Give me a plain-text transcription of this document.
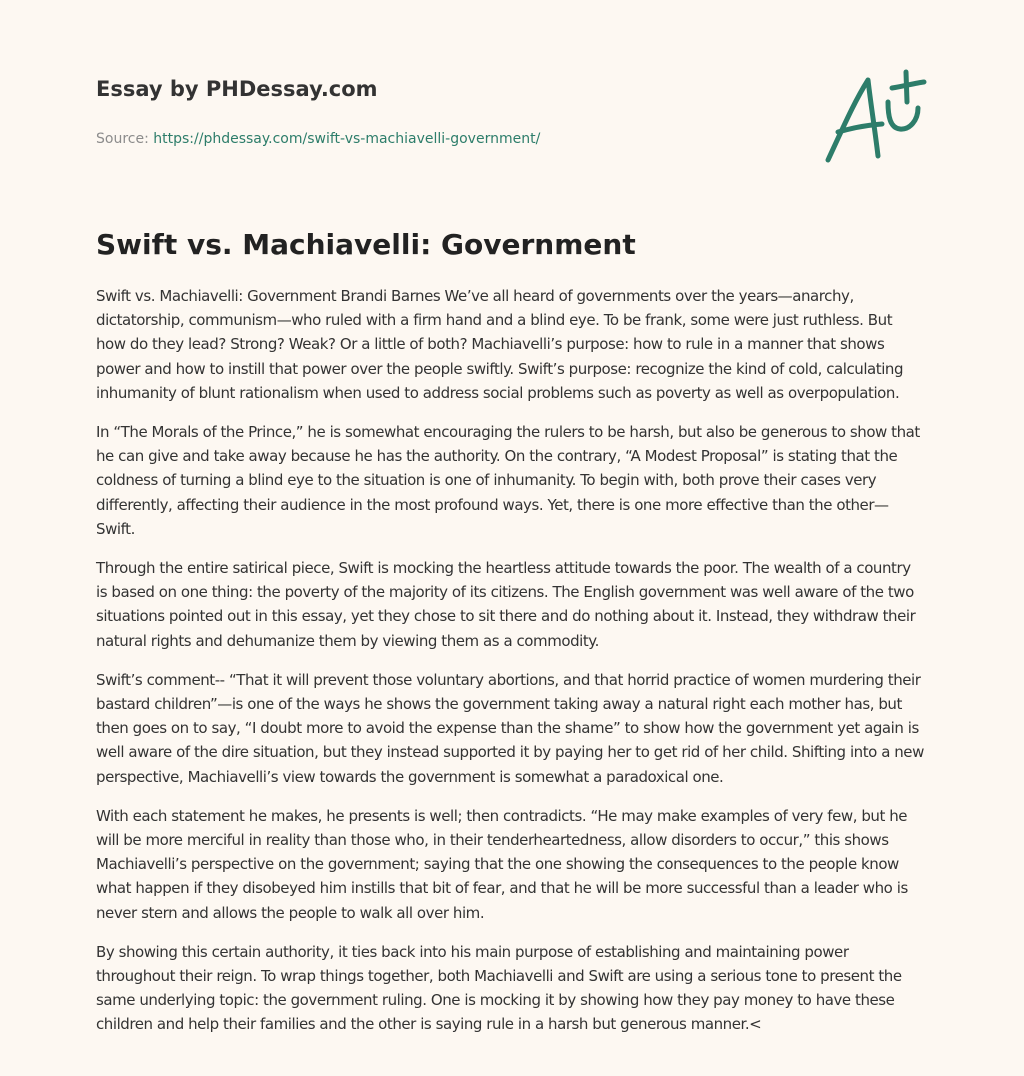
Essay by PHDessay.com
Source: https://phdessay.com/swift-vs-machiavelli-government/
Swift vs. Machiavelli: Government

Swift vs. Machiavelli: Government Brandi Barnes We’ve all heard of governments over the years—anarchy, dictatorship, communism—who ruled with a firm hand and a blind eye. To be frank, some were just ruthless. But how do they lead? Strong? Weak? Or a little of both? Machiavelli’s purpose: how to rule in a manner that shows power and how to instill that power over the people swiftly. Swift’s purpose: recognize the kind of cold, calculating inhumanity of blunt rationalism when used to address social problems such as poverty as well as overpopulation.

In “The Morals of the Prince,” he is somewhat encouraging the rulers to be harsh, but also be generous to show that he can give and take away because he has the authority. On the contrary, “A Modest Proposal” is stating that the coldness of turning a blind eye to the situation is one of inhumanity. To begin with, both prove their cases very differently, affecting their audience in the most profound ways. Yet, there is one more effective than the other—Swift.

Through the entire satirical piece, Swift is mocking the heartless attitude towards the poor. The wealth of a country is based on one thing: the poverty of the majority of its citizens. The English government was well aware of the two situations pointed out in this essay, yet they chose to sit there and do nothing about it. Instead, they withdraw their natural rights and dehumanize them by viewing them as a commodity.

Swift’s comment-- “That it will prevent those voluntary abortions, and that horrid practice of women murdering their bastard children”—is one of the ways he shows the government taking away a natural right each mother has, but then goes on to say, “I doubt more to avoid the expense than the shame” to show how the government yet again is well aware of the dire situation, but they instead supported it by paying her to get rid of her child. Shifting into a new perspective, Machiavelli’s view towards the government is somewhat a paradoxical one.

With each statement he makes, he presents is well; then contradicts. “He may make examples of very few, but he will be more merciful in reality than those who, in their tenderheartedness, allow disorders to occur,” this shows Machiavelli’s perspective on the government; saying that the one showing the consequences to the people know what happen if they disobeyed him instills that bit of fear, and that he will be more successful than a leader who is never stern and allows the people to walk all over him.

By showing this certain authority, it ties back into his main purpose of establishing and maintaining power throughout their reign. To wrap things together, both Machiavelli and Swift are using a serious tone to present the same underlying topic: the government ruling. One is mocking it by showing how they pay money to have these children and help their families and the other is saying rule in a harsh but generous manner.<
